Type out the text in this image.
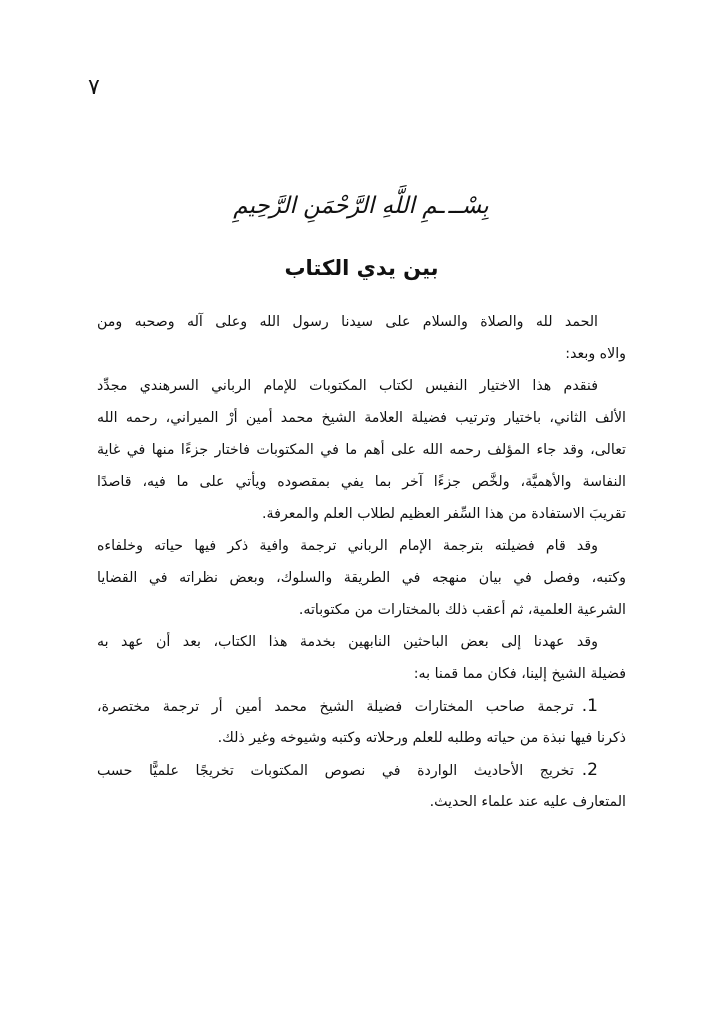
٧
بِسْــ
ـمِ اللَّهِ الرَّحْمَنِ الرَّحِيمِ
بين يدي الكتاب
الحمد لله والصلاة والسلام على سيدنا رسول الله وعلى آله وصحبه ومن
والاه وبعد:
فنقدم هذا الاختيار النفيس لكتاب المكتوبات للإمام الرباني السرهندي مجدِّد
الألف الثاني، باختيار وترتيب فضيلة العلامة الشيخ محمد أمين أرْ الميراني، رحمه الله
تعالى، وقد جاء المؤلف رحمه الله على أهم ما في المكتوبات فاختار جزءًا منها في غاية
النفاسة والأهميَّة، ولخَّص جزءًا آخر بما يفي بمقصوده ويأتي على ما فيه، قاصدًا
تقريبَ الاستفادة من هذا السِّفر العظيم لطلاب العلم والمعرفة.
وقد قام فضيلته بترجمة الإمام الرباني ترجمة وافية ذكر فيها حياته وخلفاءه
وكتبه، وفصل في بيان منهجه في الطريقة والسلوك، وبعض نظراته في القضايا
الشرعية العلمية، ثم أعقب ذلك بالمختارات من مكتوباته.
وقد عهدنا إلى بعض الباحثين النابهين بخدمة هذا الكتاب، بعد أن عهد به
فضيلة الشيخ إلينا، فكان مما قمنا به:
1.ترجمة صاحب المختارات فضيلة الشيخ محمد أمين أر ترجمة مختصرة،
ذكرنا فيها نبذة من حياته وطلبه للعلم ورحلاته وكتبه وشيوخه وغير ذلك.
2.تخريج الأحاديث الواردة في نصوص المكتوبات تخريجًا علميًّا حسب
المتعارف عليه عند علماء الحديث.
